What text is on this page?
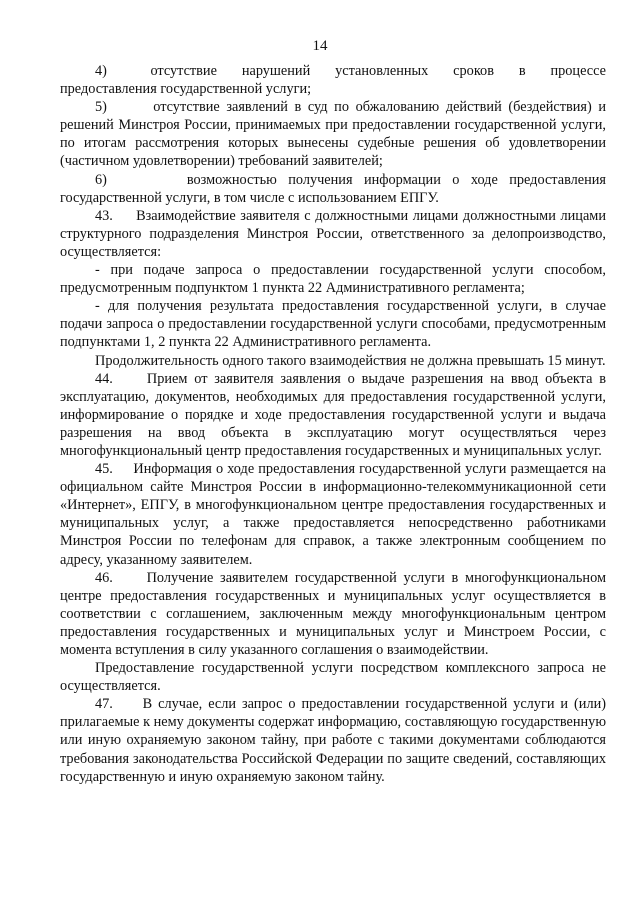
14

4)       отсутствие    нарушений    установленных    сроков    в    процессе предоставления государственной услуги;

5)       отсутствие заявлений в суд по обжалованию действий (бездействия) и решений Минстроя России, принимаемых при предоставлении государственной услуги, по итогам рассмотрения которых вынесены судебные решения об удовлетворении (частичном удовлетворении) требований заявителей;

6)       возможностью получения информации о ходе предоставления государственной услуги, в том числе с использованием ЕПГУ.

43.     Взаимодействие заявителя с должностными лицами должностными лицами структурного подразделения Минстроя России, ответственного за делопроизводство, осуществляется:

- при подаче запроса о предоставлении государственной услуги способом, предусмотренным подпунктом 1 пункта 22 Административного регламента;

- для получения результата предоставления государственной услуги, в случае подачи запроса о предоставлении государственной услуги способами, предусмотренным подпунктами 1, 2 пункта 22 Административного регламента.

Продолжительность одного такого взаимодействия не должна превышать 15 минут.

44.     Прием от заявителя заявления о выдаче разрешения на ввод объекта в эксплуатацию, документов, необходимых для предоставления государственной услуги, информирование о порядке и ходе предоставления государственной услуги и выдача разрешения на ввод объекта в эксплуатацию могут осуществляться через многофункциональный центр предоставления государственных и муниципальных услуг.

45.     Информация о ходе предоставления государственной услуги размещается на официальном сайте Минстроя России в информационно-телекоммуникационной сети «Интернет», ЕПГУ, в многофункциональном центре предоставления государственных и муниципальных услуг, а также предоставляется непосредственно работниками Минстроя России по телефонам для справок, а также электронным сообщением по адресу, указанному заявителем.

46.     Получение заявителем государственной услуги в многофункциональном центре предоставления государственных и муниципальных услуг осуществляется в соответствии с соглашением, заключенным между многофункциональным центром предоставления государственных и муниципальных услуг и Минстроем России, с момента вступления в силу указанного соглашения о взаимодействии.

Предоставление государственной услуги посредством комплексного запроса не осуществляется.

47.     В случае, если запрос о предоставлении государственной услуги и (или) прилагаемые к нему документы содержат информацию, составляющую государственную или иную охраняемую законом тайну, при работе с такими документами соблюдаются требования законодательства Российской Федерации по защите сведений, составляющих государственную и иную охраняемую законом тайну.
